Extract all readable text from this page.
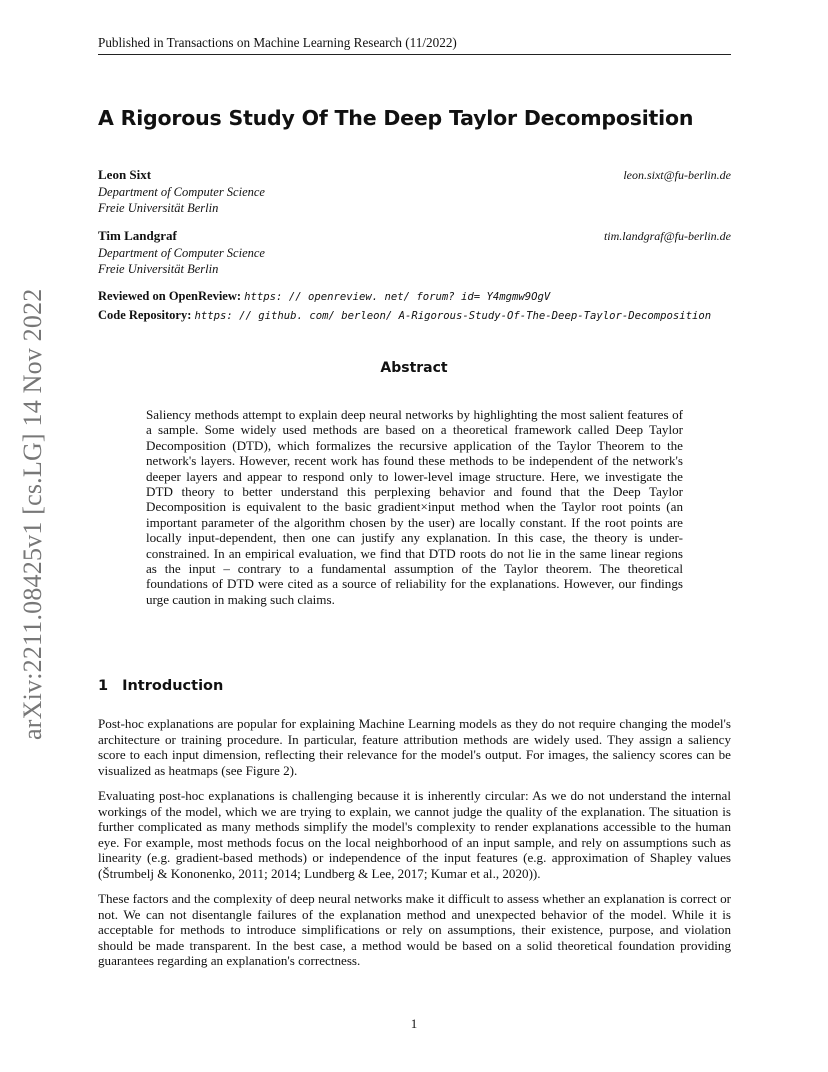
Published in Transactions on Machine Learning Research (11/2022)
arXiv:2211.08425v1 [cs.LG] 14 Nov 2022
A Rigorous Study Of The Deep Taylor Decomposition
Leon Sixt
Department of Computer Science
Freie Universität Berlin
leon.sixt@fu-berlin.de
Tim Landgraf
Department of Computer Science
Freie Universität Berlin
tim.landgraf@fu-berlin.de
Reviewed on OpenReview: https: // openreview. net/ forum? id= Y4mgmw9OgV
Code Repository: https: // github. com/ berleon/ A-Rigorous-Study-Of-The-Deep-Taylor-Decomposition
Abstract
Saliency methods attempt to explain deep neural networks by highlighting the most salient features of a sample. Some widely used methods are based on a theoretical framework called Deep Taylor Decomposition (DTD), which formalizes the recursive application of the Taylor Theorem to the network's layers. However, recent work has found these methods to be independent of the network's deeper layers and appear to respond only to lower-level image structure. Here, we investigate the DTD theory to better understand this perplexing behavior and found that the Deep Taylor Decomposition is equivalent to the basic gradient×input method when the Taylor root points (an important parameter of the algorithm chosen by the user) are locally constant. If the root points are locally input-dependent, then one can justify any explanation. In this case, the theory is under-constrained. In an empirical evaluation, we find that DTD roots do not lie in the same linear regions as the input – contrary to a fundamental assumption of the Taylor theorem. The theoretical foundations of DTD were cited as a source of reliability for the explanations. However, our findings urge caution in making such claims.
1 Introduction

Post-hoc explanations are popular for explaining Machine Learning models as they do not require changing the model's architecture or training procedure. In particular, feature attribution methods are widely used. They assign a saliency score to each input dimension, reflecting their relevance for the model's output. For images, the saliency scores can be visualized as heatmaps (see Figure 2).

Evaluating post-hoc explanations is challenging because it is inherently circular: As we do not understand the internal workings of the model, which we are trying to explain, we cannot judge the quality of the explanation. The situation is further complicated as many methods simplify the model's complexity to render explanations accessible to the human eye. For example, most methods focus on the local neighborhood of an input sample, and rely on assumptions such as linearity (e.g. gradient-based methods) or independence of the input features (e.g. approximation of Shapley values (Štrumbelj & Kononenko, 2011; 2014; Lundberg & Lee, 2017; Kumar et al., 2020)).

These factors and the complexity of deep neural networks make it difficult to assess whether an explanation is correct or not. We can not disentangle failures of the explanation method and unexpected behavior of the model. While it is acceptable for methods to introduce simplifications or rely on assumptions, their existence, purpose, and violation should be made transparent. In the best case, a method would be based on a solid theoretical foundation providing guarantees regarding an explanation's correctness.

1
